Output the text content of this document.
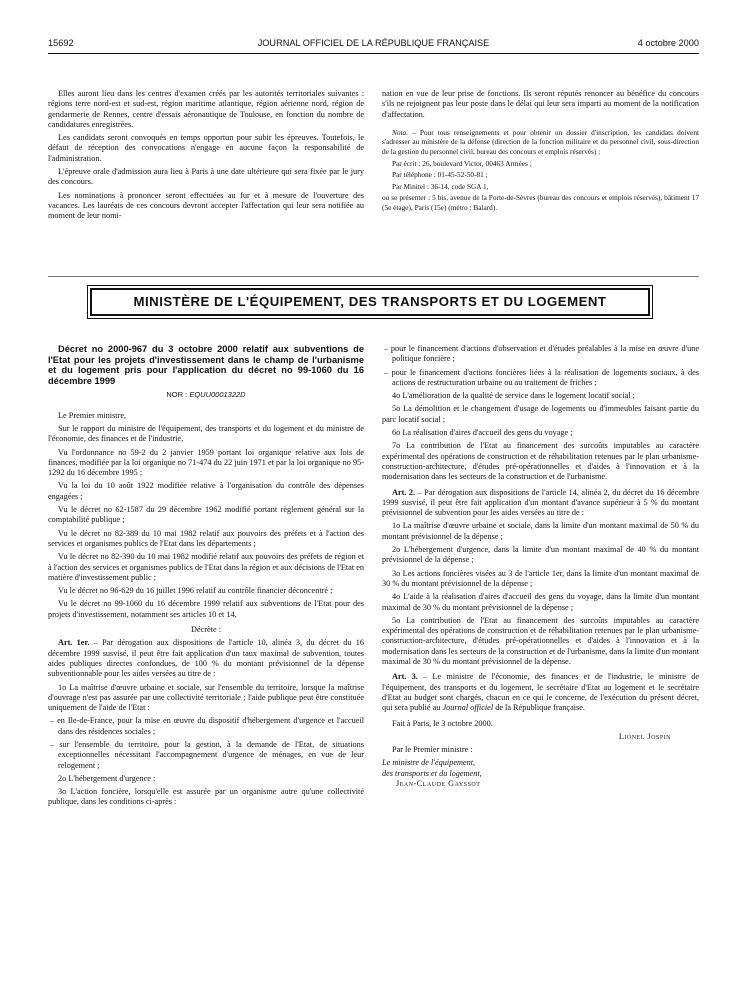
15692	JOURNAL OFFICIEL DE LA RÉPUBLIQUE FRANÇAISE	4 octobre 2000

Elles auront lieu dans les centres d'examen créés par les autorités territoriales suivantes : régions terre nord-est et sud-est, région maritime atlantique, région aérienne nord, région de gendarmerie de Rennes, centre d'essais aéronautique de Toulouse, en fonction du nombre de candidatures enregistrées.

Les candidats seront convoqués en temps opportun pour subir les épreuves. Toutefois, le défaut de réception des convocations n'engage en aucune façon la responsabilité de l'administration.

L'épreuve orale d'admission aura lieu à Paris à une date ultérieure qui sera fixée par le jury des concours.

Les nominations à prononcer seront effectuées au fur et à mesure de l'ouverture des vacances. Les lauréats de ces concours devront accepter l'affectation qui leur sera notifiée au moment de leur nomi-

nation en vue de leur prise de fonctions. Ils seront réputés renoncer au bénéfice du concours s'ils ne rejoignent pas leur poste dans le délai qui leur sera imparti au moment de la notification d'affectation.

Nota. – Pour tous renseignements et pour obtenir un dossier d'inscription, les candidats doivent s'adresser au ministère de la défense (direction de la fonction militaire et du personnel civil, sous-direction de la gestion du personnel civil, bureau des concours et emplois réservés) :

Par écrit : 26, boulevard Victor, 00463 Armées ;

Par téléphone : 01-45-52-50-81 ;

Par Minitel : 36-14, code SGA 1,

ou se présenter : 5 bis, avenue de la Porte-de-Sèvres (bureau des concours et emplois réservés), bâtiment 17 (5e étage), Paris (15e) (métro : Balard).

MINISTÈRE DE L'ÉQUIPEMENT, DES TRANSPORTS ET DU LOGEMENT

Décret no 2000-967 du 3 octobre 2000 relatif aux subventions de l'Etat pour les projets d'investissement dans le champ de l'urbanisme et du logement pris pour l'application du décret no 99-1060 du 16 décembre 1999

NOR : EQUU0001322D

Le Premier ministre,

Sur le rapport du ministre de l'équipement, des transports et du logement et du ministre de l'économie, des finances et de l'industrie,

Vu l'ordonnance no 59-2 du 2 janvier 1959 portant loi organique relative aux lois de finances, modifiée par la loi organique no 71-474 du 22 juin 1971 et par la loi organique no 95-1292 du 16 décembre 1995 ;

Vu la loi du 10 août 1922 modifiée relative à l'organisation du contrôle des dépenses engagées ;

Vu le décret no 62-1587 du 29 décembre 1962 modifié portant règlement général sur la comptabilité publique ;

Vu le décret no 82-389 du 10 mai 1982 relatif aux pouvoirs des préfets et à l'action des services et organismes publics de l'Etat dans les départements ;

Vu le décret no 82-390 du 10 mai 1982 modifié relatif aux pouvoirs des préfets de région et à l'action des services et organismes publics de l'Etat dans la région et aux décisions de l'Etat en matière d'investissement public ;

Vu le décret no 96-629 du 16 juillet 1996 relatif au contrôle financier déconcentré ;

Vu le décret no 99-1060 du 16 décembre 1999 relatif aux subventions de l'Etat pour des projets d'investissement, notamment ses articles 10 et 14,

Décrète :

Art. 1er. – Par dérogation aux dispositions de l'article 10, alinéa 3, du décret du 16 décembre 1999 susvisé, il peut être fait application d'un taux maximal de subvention, toutes aides publiques directes confondues, de 100 % du montant prévisionnel de la dépense subventionnable pour les aides versées au titre de :

1o La maîtrise d'œuvre urbaine et sociale, sur l'ensemble du territoire, lorsque la maîtrise d'ouvrage n'est pas assurée par une collectivité territoriale ; l'aide publique peut être constituée uniquement de l'aide de l'Etat :

– en Ile-de-France, pour la mise en œuvre du dispositif d'hébergement d'urgence et l'accueil dans des résidences sociales ;

– sur l'ensemble du territoire, pour la gestion, à la demande de l'Etat, de situations exceptionnelles nécessitant l'accompagnement d'urgence de ménages, en vue de leur relogement ;

2o L'hébergement d'urgence ;

3o L'action foncière, lorsqu'elle est assurée par un organisme autre qu'une collectivité publique, dans les conditions ci-après :

– pour le financement d'actions d'observation et d'études préalables à la mise en œuvre d'une politique foncière ;

– pour le financement d'actions foncières liées à la réalisation de logements sociaux, à des actions de restructuration urbaine ou au traitement de friches ;

4o L'amélioration de la qualité de service dans le logement locatif social ;

5o La démolition et le changement d'usage de logements ou d'immeubles faisant partie du parc locatif social ;

6o La réalisation d'aires d'accueil des gens du voyage ;

7o La contribution de l'Etat au financement des surcoûts imputables au caractère expérimental des opérations de construction et de réhabilitation retenues par le plan urbanisme-construction-architecture, d'études pré-opérationnelles et d'aides à l'innovation et à la modernisation dans les secteurs de la construction et de l'urbanisme.

Art. 2. – Par dérogation aux dispositions de l'article 14, alinéa 2, du décret du 16 décembre 1999 susvisé, il peut être fait application d'un montant d'avance supérieur à 5 % du montant prévisionnel de subvention pour les aides versées au titre de :

1o La maîtrise d'œuvre urbaine et sociale, dans la limite d'un montant maximal de 50 % du montant prévisionnel de la dépense ;

2o L'hébergement d'urgence, dans la limite d'un montant maximal de 40 % du montant prévisionnel de la dépense ;

3o Les actions foncières visées au 3 de l'article 1er, dans la limite d'un montant maximal de 30 % du montant prévisionnel de la dépense ;

4o L'aide à la réalisation d'aires d'accueil des gens du voyage, dans la limite d'un montant maximal de 30 % du montant prévisionnel de la dépense ;

5o La contribution de l'Etat au financement des surcoûts imputables au caractère expérimental des opérations de construction et de réhabilitation retenues par le plan urbanisme-construction-architecture, d'études pré-opérationnelles et d'aides à l'innovation et à la modernisation dans les secteurs de la construction et de l'urbanisme, dans la limite d'un montant maximal de 30 % du montant prévisionnel de la dépense.

Art. 3. – Le ministre de l'économie, des finances et de l'industrie, le ministre de l'équipement, des transports et du logement, le secrétaire d'Etat au logement et le secrétaire d'Etat au budget sont chargés, chacun en ce qui le concerne, de l'exécution du présent décret, qui sera publié au Journal officiel de la République française.

Fait à Paris, le 3 octobre 2000.

Lionel Jospin

Par le Premier ministre :

Le ministre de l'équipement,

des transports et du logement,

Jean-Claude Gayssot
